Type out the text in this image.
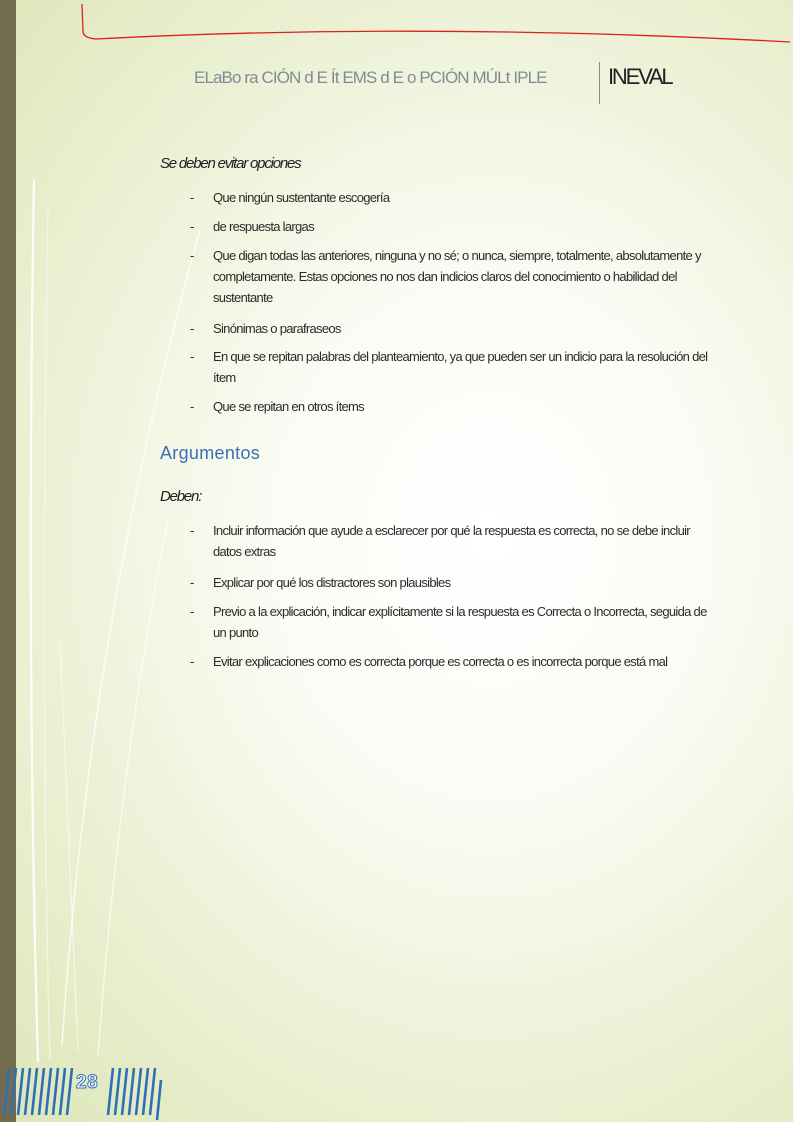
ELaBo ra CIÓN d E Ít EMS d E o PCIÓN MÚLt IPLE	INEVAL
Se deben evitar opciones
- Que ningún sustentante escogería
- de respuesta largas
- Que digan todas las anteriores, ninguna y no sé; o nunca, siempre, totalmente, absolutamente y completamente. Estas opciones no nos dan indicios claros del conocimiento o habilidad del sustentante
- Sinónimas o parafraseos
- En que se repitan palabras del planteamiento, ya que pueden ser un indicio para la resolución del ítem
- Que se repitan en otros ítems
Argumentos
Deben:
- Incluir información que ayude a esclarecer por qué la respuesta es correcta, no se debe incluir datos extras
- Explicar por qué los distractores son plausibles
- Previo a la explicación, indicar explícitamente si la respuesta es Correcta o Incorrecta, seguida de un punto
- Evitar explicaciones como es correcta porque es correcta o es incorrecta porque está mal
28
